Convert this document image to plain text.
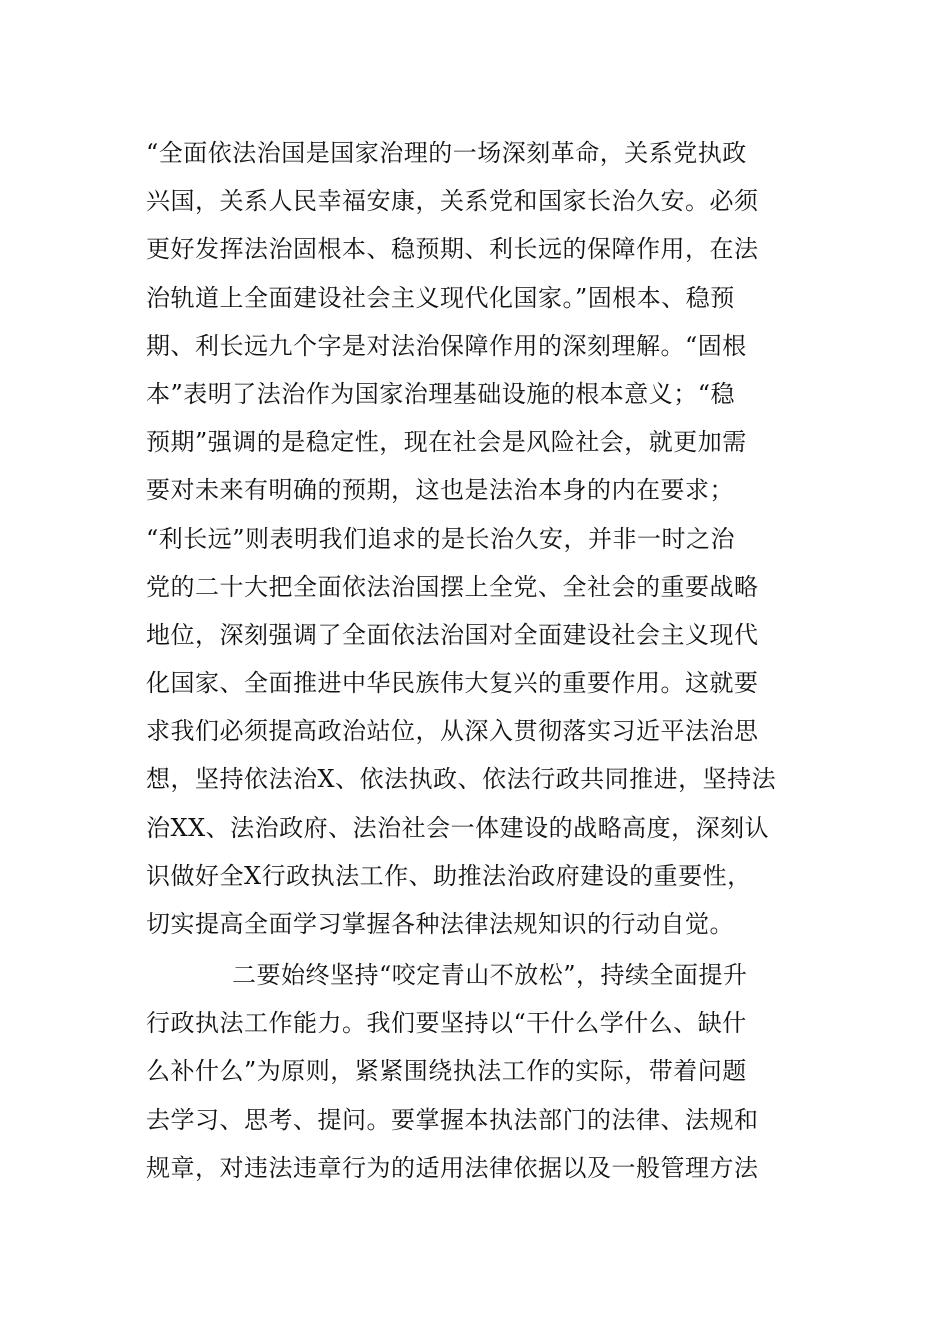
“全面依法治国是国家治理的一场深刻革命，关系党执政
兴国，关系人民幸福安康，关系党和国家长治久安。必须
更好发挥法治固根本、稳预期、利长远的保障作用，在法
治轨道上全面建设社会主义现代化国家。”固根本、稳预
期、利长远九个字是对法治保障作用的深刻理解。“固根
本”表明了法治作为国家治理基础设施的根本意义；“稳
预期”强调的是稳定性，现在社会是风险社会，就更加需
要对未来有明确的预期，这也是法治本身的内在要求；
“利长远”则表明我们追求的是长治久安，并非一时之治
党的二十大把全面依法治国摆上全党、全社会的重要战略
地位，深刻强调了全面依法治国对全面建设社会主义现代
化国家、全面推进中华民族伟大复兴的重要作用。这就要
求我们必须提高政治站位，从深入贯彻落实习近平法治思
想，坚持依法治X、依法执政、依法行政共同推进，坚持法
治XX、法治政府、法治社会一体建设的战略高度，深刻认
识做好全X行政执法工作、助推法治政府建设的重要性，
切实提高全面学习掌握各种法律法规知识的行动自觉。
二要始终坚持“咬定青山不放松”，持续全面提升
行政执法工作能力。我们要坚持以“干什么学什么、缺什
么补什么”为原则，紧紧围绕执法工作的实际，带着问题
去学习、思考、提问。要掌握本执法部门的法律、法规和
规章，对违法违章行为的适用法律依据以及一般管理方法
